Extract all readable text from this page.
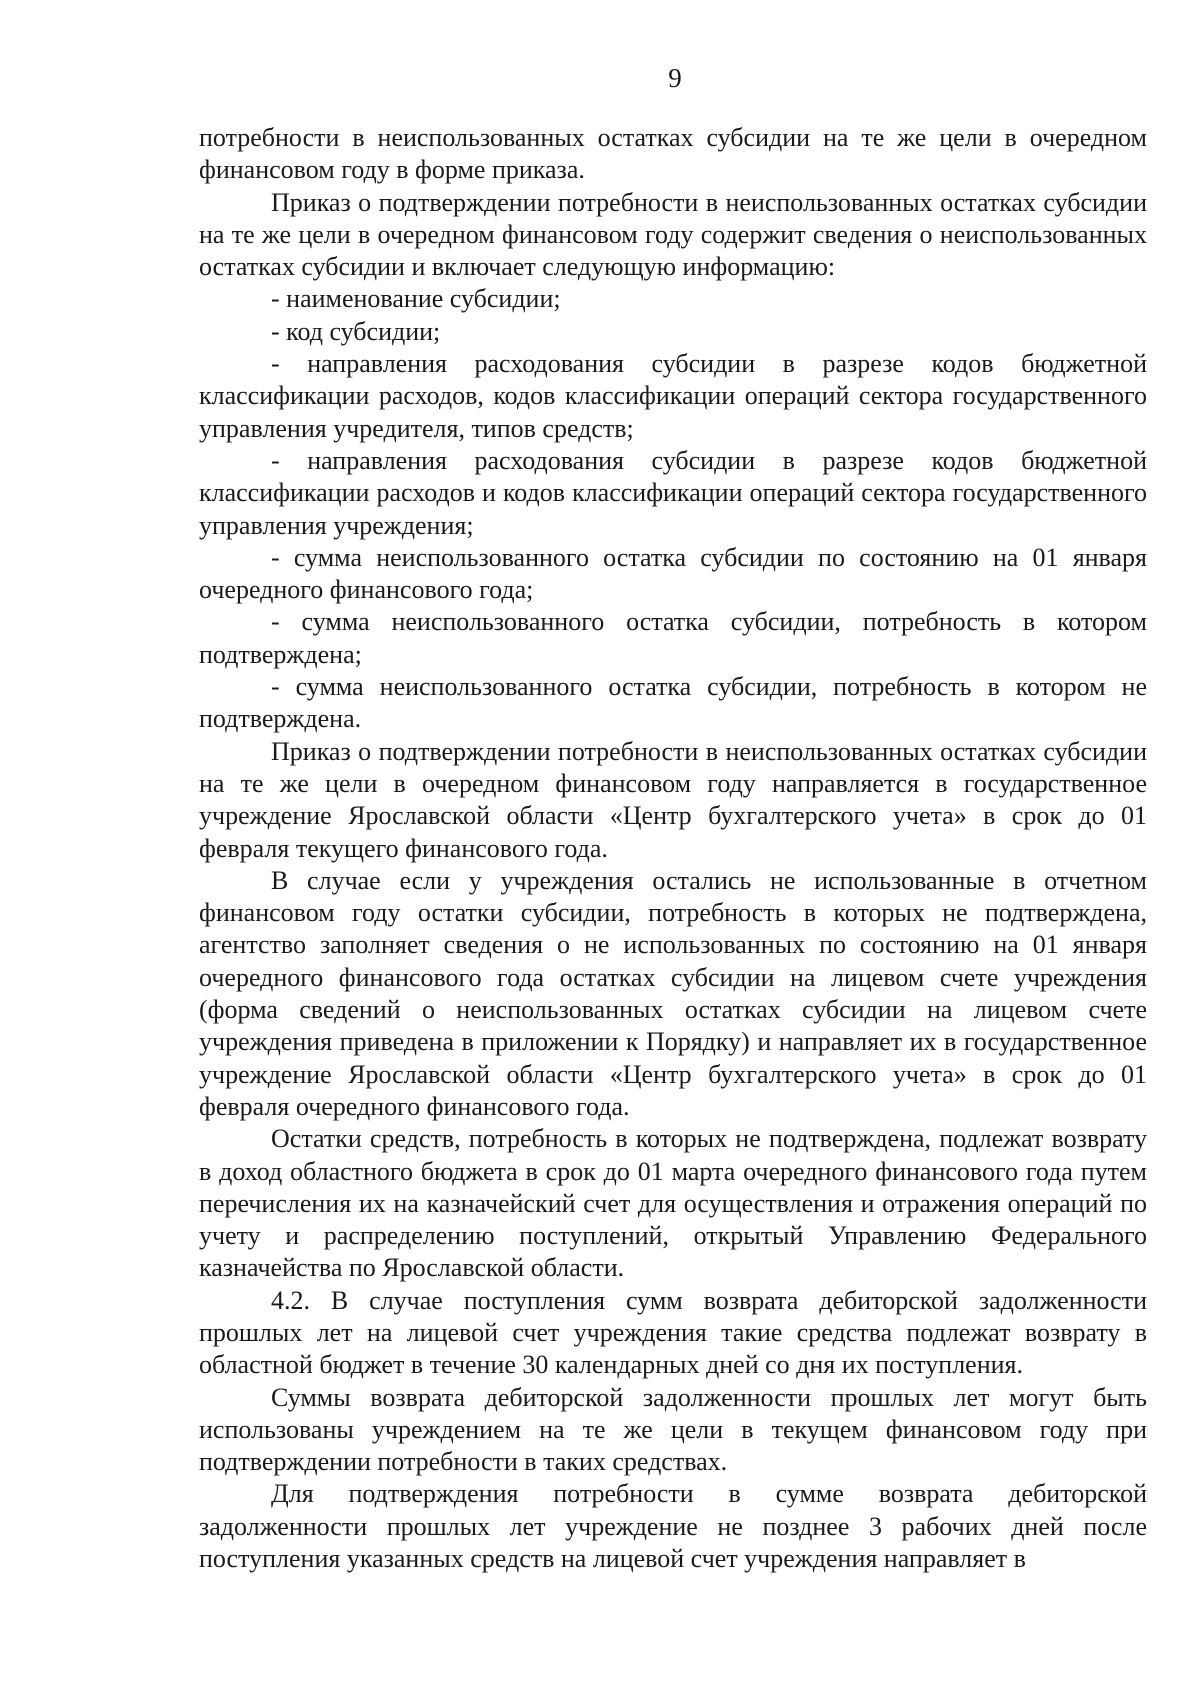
9

потребности в неиспользованных остатках субсидии на те же цели в очередном финансовом году в форме приказа.

Приказ о подтверждении потребности в неиспользованных остатках субсидии на те же цели в очередном финансовом году содержит сведения о неиспользованных остатках субсидии и включает следующую информацию:

- наименование субсидии;

- код субсидии;

- направления расходования субсидии в разрезе кодов бюджетной классификации расходов, кодов классификации операций сектора государственного управления учредителя, типов средств;

- направления расходования субсидии в разрезе кодов бюджетной классификации расходов и кодов классификации операций сектора государственного управления учреждения;

- сумма неиспользованного остатка субсидии по состоянию на 01 января очередного финансового года;

- сумма неиспользованного остатка субсидии, потребность в котором подтверждена;

- сумма неиспользованного остатка субсидии, потребность в котором не подтверждена.

Приказ о подтверждении потребности в неиспользованных остатках субсидии на те же цели в очередном финансовом году направляется в государственное учреждение Ярославской области «Центр бухгалтерского учета» в срок до 01 февраля текущего финансового года.

В случае если у учреждения остались не использованные в отчетном финансовом году остатки субсидии, потребность в которых не подтверждена, агентство заполняет сведения о не использованных по состоянию на 01 января очередного финансового года остатках субсидии на лицевом счете учреждения (форма сведений о неиспользованных остатках субсидии на лицевом счете учреждения приведена в приложении к Порядку) и направляет их в государственное учреждение Ярославской области «Центр бухгалтерского учета» в срок до 01 февраля очередного финансового года.

Остатки средств, потребность в которых не подтверждена, подлежат возврату в доход областного бюджета в срок до 01 марта очередного финансового года путем перечисления их на казначейский счет для осуществления и отражения операций по учету и распределению поступлений, открытый Управлению Федерального казначейства по Ярославской области.

4.2. В случае поступления сумм возврата дебиторской задолженности прошлых лет на лицевой счет учреждения такие средства подлежат возврату в областной бюджет в течение 30 календарных дней со дня их поступления.

Суммы возврата дебиторской задолженности прошлых лет могут быть использованы учреждением на те же цели в текущем финансовом году при подтверждении потребности в таких средствах.

Для подтверждения потребности в сумме возврата дебиторской задолженности прошлых лет учреждение не позднее 3 рабочих дней после поступления указанных средств на лицевой счет учреждения направляет в
